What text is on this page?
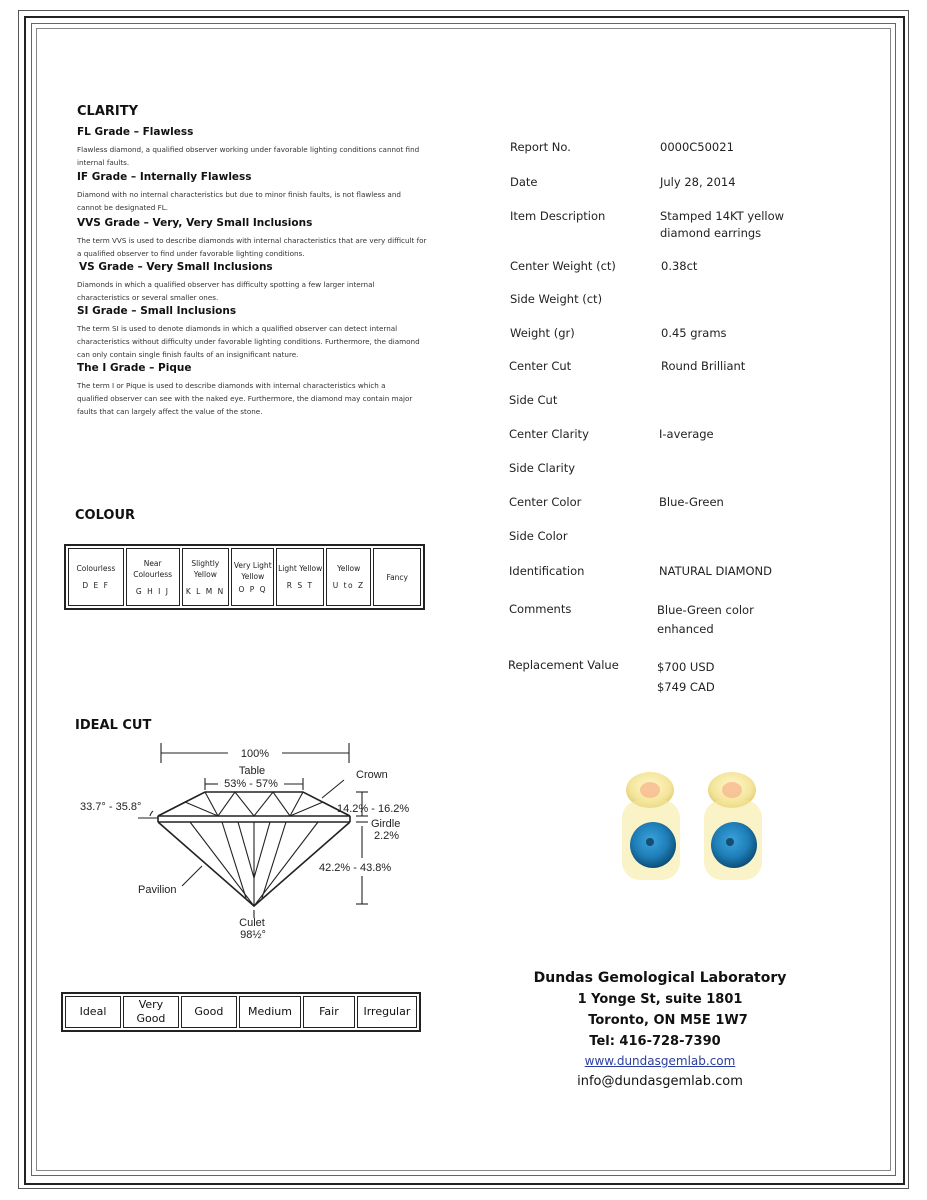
CLARITY
FL Grade – Flawless
Flawless diamond, a qualified observer working under favorable lighting conditions cannot find internal faults.
IF Grade – Internally Flawless
Diamond with no internal characteristics but due to minor finish faults, is not flawless and cannot be designated FL.
VVS Grade – Very, Very Small Inclusions
The term VVS is used to describe diamonds with internal characteristics that are very difficult for a qualified observer to find under favorable lighting conditions.
VS Grade – Very Small Inclusions
Diamonds in which a qualified observer has difficulty spotting a few larger internal characteristics or several smaller ones.
SI Grade – Small Inclusions
The term SI is used to denote diamonds in which a qualified observer can detect internal characteristics without difficulty under favorable lighting conditions. Furthermore, the diamond can only contain single finish faults of an insignificant nature.
The I Grade – Pique
The term I or Pique is used to describe diamonds with internal characteristics which a qualified observer can see with the naked eye. Furthermore, the diamond may contain major faults that can largely affect the value of the stone.
COLOUR
Colourless
D E F
	Near Colourless
G H I J
	Slightly Yellow
K L M N
	Very Light Yellow
O P Q
	Light Yellow
R S T
	Yellow
U to Z
	Fancy
IDEAL CUT
100%
Table
53% - 57%
Crown
33.7° - 35.8°	14.2% - 16.2%
Girdle
2.2%
42.2% - 43.8%
Pavilion
Culet
98½°
Ideal	Very Good	Good	Medium	Fair	Irregular
Report No.	0000C50021
Date	July 28, 2014
Item Description	Stamped 14KT yellow
diamond earrings
Center Weight (ct)	0.38ct
Side Weight (ct)
Weight (gr)	0.45 grams
Center Cut	Round Brilliant
Side Cut
Center Clarity	I-average
Side Clarity
Center Color	Blue-Green
Side Color
Identification	NATURAL DIAMOND
Comments	Blue-Green color
enhanced
Replacement Value	$700 USD
$749 CAD
Dundas Gemological Laboratory
1 Yonge St, suite 1801
Toronto, ON M5E 1W7
Tel: 416-728-7390
www.dundasgemlab.com
info@dundasgemlab.com
